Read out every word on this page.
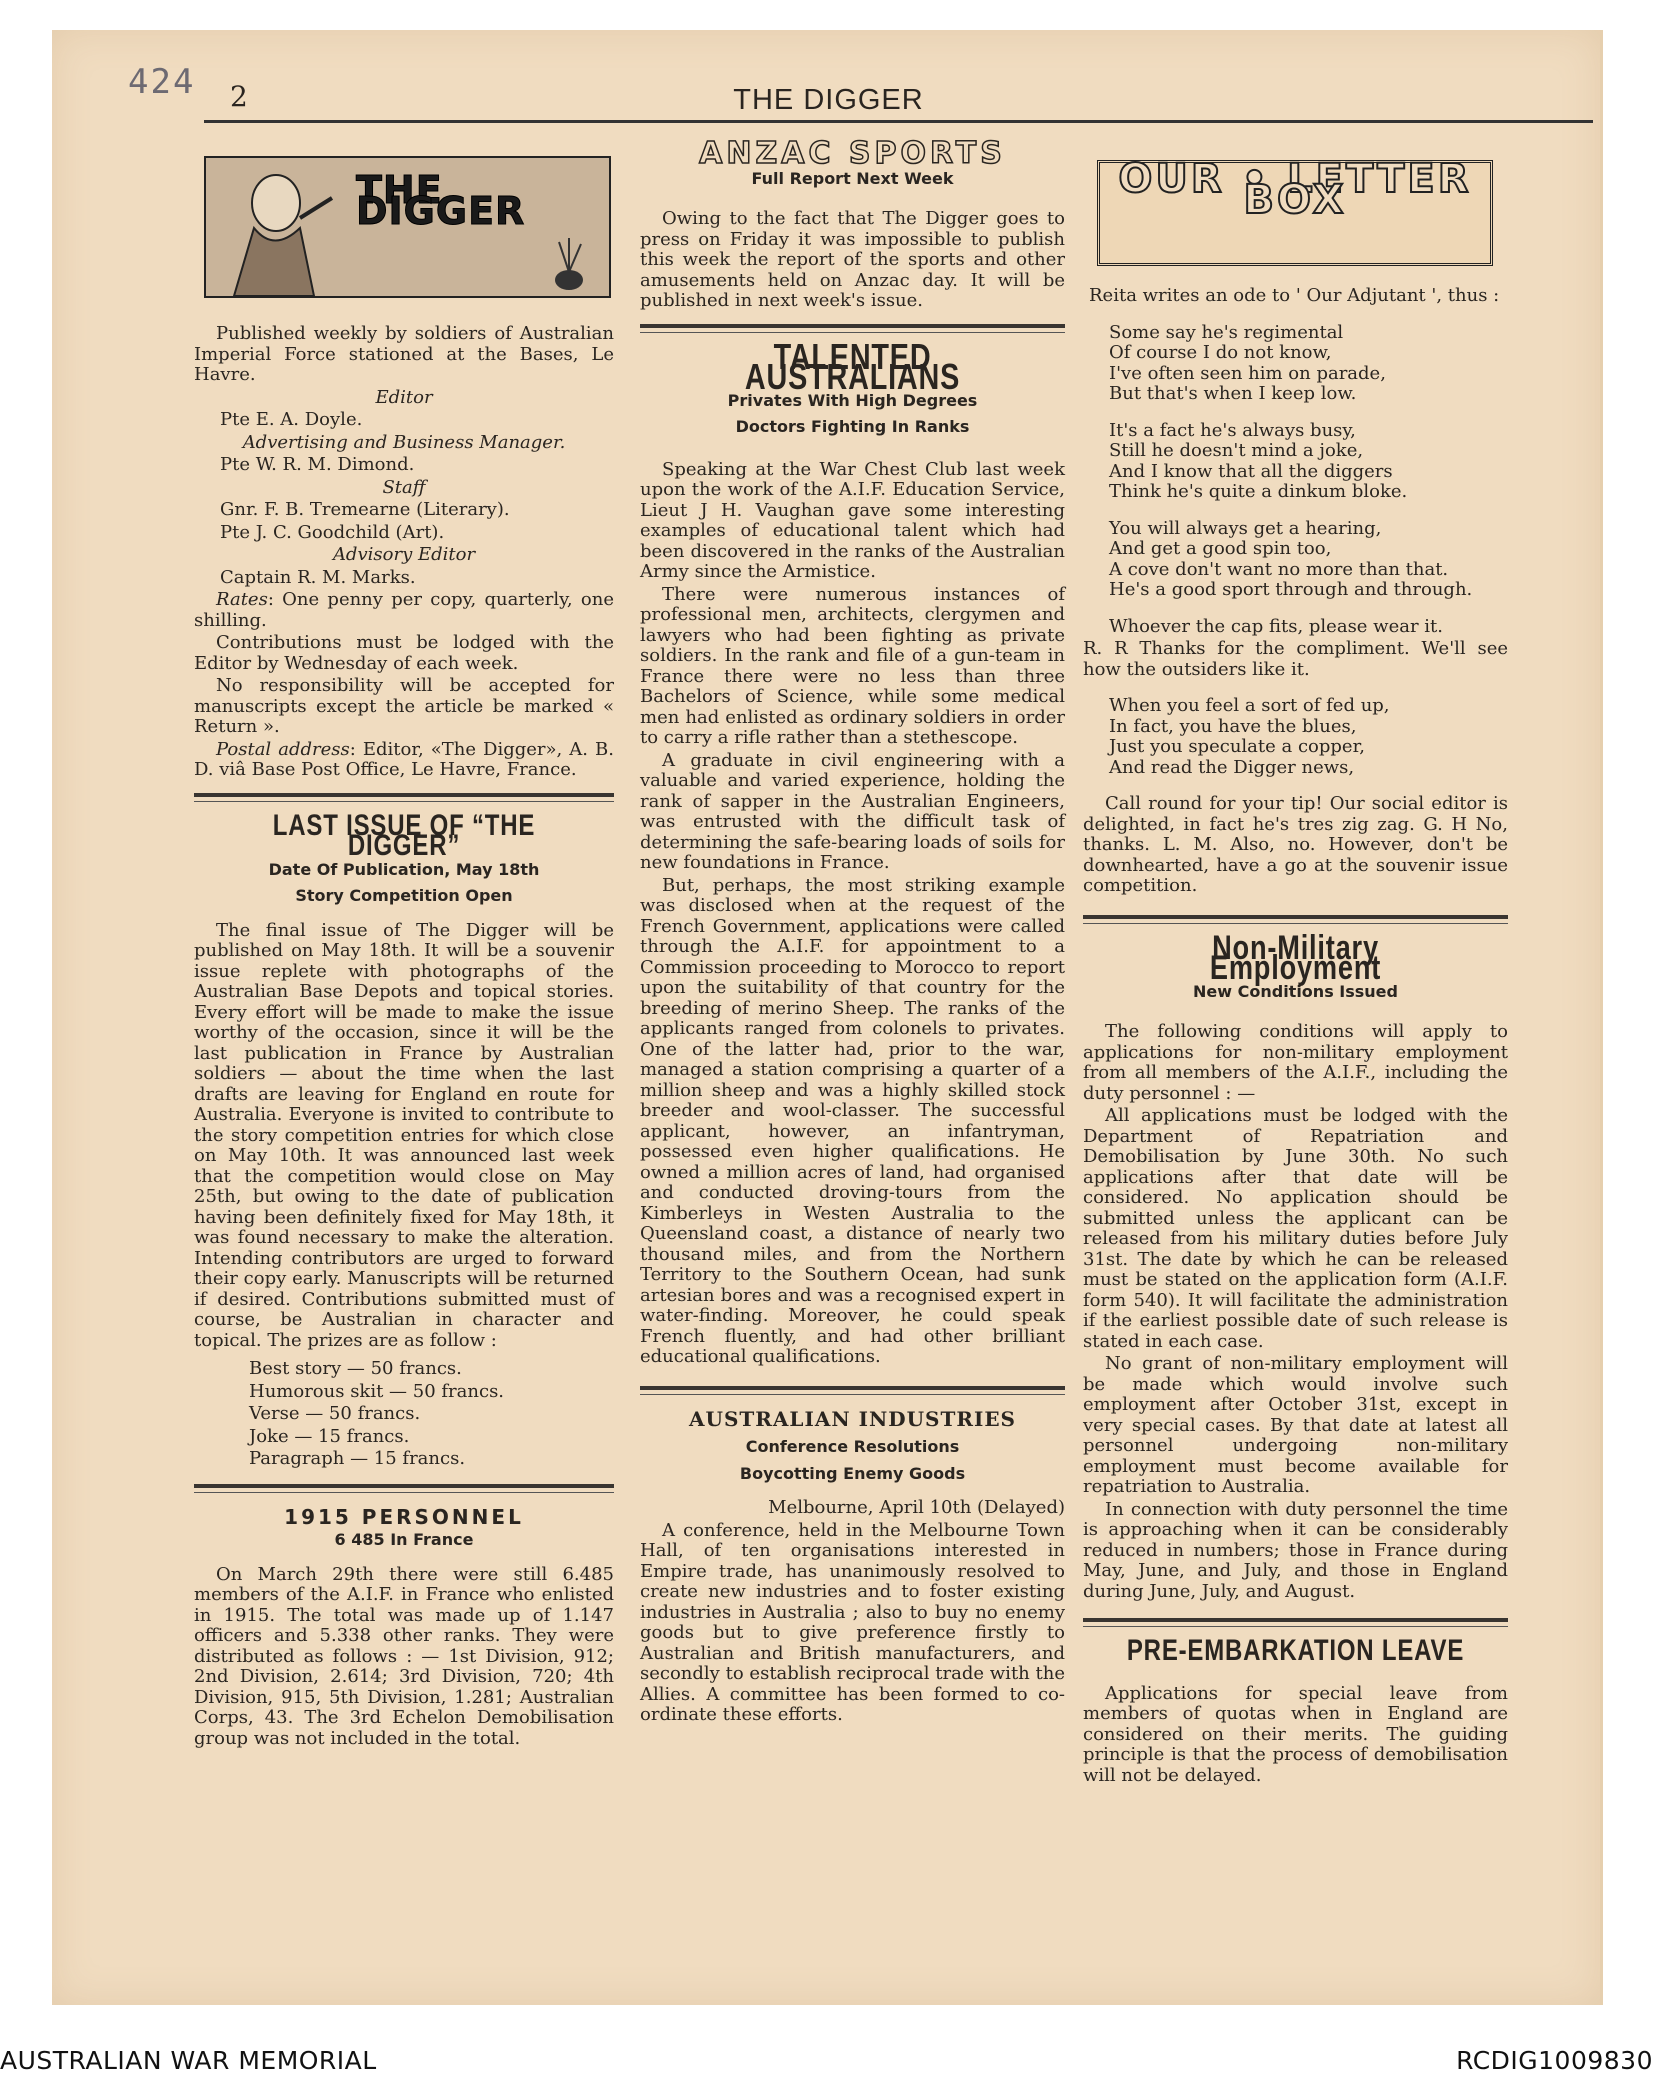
AUSTRALIAN WAR MEMORIAL	RCDIG1009830
424 2	THE DIGGER
THE DIGGER

Published weekly by soldiers of Australian Imperial Force stationed at the Bases, Le Havre.

Editor

Pte E. A. Doyle.

Advertising and Business Manager.

Pte W. R. M. Dimond.

Staff

Gnr. F. B. Tremearne (Literary).

Pte J. C. Goodchild (Art).

Advisory Editor

Captain R. M. Marks.

Rates: One penny per copy, quarterly, one shilling.

Contributions must be lodged with the Editor by Wednesday of each week.

No responsibility will be accepted for manuscripts except the article be marked « Return ».

Postal address: Editor, «The Digger», A. B. D. viâ Base Post Office, Le Havre, France.

LAST ISSUE OF “THE DIGGER”
Date Of Publication, May 18th
Story Competition Open

The final issue of The Digger will be published on May 18th. It will be a souvenir issue replete with photographs of the Australian Base Depots and topical stories. Every effort will be made to make the issue worthy of the occasion, since it will be the last publication in France by Australian soldiers — about the time when the last drafts are leaving for England en route for Australia. Everyone is invited to contribute to the story competition entries for which close on May 10th. It was announced last week that the competition would close on May 25th, but owing to the date of publication having been definitely fixed for May 18th, it was found necessary to make the alteration. Intending contributors are urged to forward their copy early. Manuscripts will be returned if desired. Contributions submitted must of course, be Australian in character and topical. The prizes are as follow :

Best story — 50 francs.

Humorous skit — 50 francs.

Verse — 50 francs.

Joke — 15 francs.

Paragraph — 15 francs.

1915 PERSONNEL
6 485 In France

On March 29th there were still 6.485 members of the A.I.F. in France who enlisted in 1915. The total was made up of 1.147 officers and 5.338 other ranks. They were distributed as follows : — 1st Division, 912; 2nd Division, 2.614; 3rd Division, 720; 4th Division, 915, 5th Division, 1.281; Australian Corps, 43. The 3rd Echelon Demobilisation group was not included in the total.

ANZAC SPORTS
Full Report Next Week

Owing to the fact that The Digger goes to press on Friday it was impossible to publish this week the report of the sports and other amusements held on Anzac day. It will be published in next week's issue.

TALENTED AUSTRALIANS
Privates With High Degrees
Doctors Fighting In Ranks

Speaking at the War Chest Club last week upon the work of the A.I.F. Education Service, Lieut J H. Vaughan gave some interesting examples of educational talent which had been discovered in the ranks of the Australian Army since the Armistice.

There were numerous instances of professional men, architects, clergymen and lawyers who had been fighting as private soldiers. In the rank and file of a gun-team in France there were no less than three Bachelors of Science, while some medical men had enlisted as ordinary soldiers in order to carry a rifle rather than a stethescope.

A graduate in civil engineering with a valuable and varied experience, holding the rank of sapper in the Australian Engineers, was entrusted with the difficult task of determining the safe-bearing loads of soils for new foundations in France.

But, perhaps, the most striking example was disclosed when at the request of the French Government, applications were called through the A.I.F. for appointment to a Commission proceeding to Morocco to report upon the suitability of that country for the breeding of merino Sheep. The ranks of the applicants ranged from colonels to privates. One of the latter had, prior to the war, managed a station comprising a quarter of a million sheep and was a highly skilled stock breeder and wool-classer. The successful applicant, however, an infantryman, possessed even higher qualifications. He owned a million acres of land, had organised and conducted droving-tours from the Kimberleys in Westen Australia to the Queensland coast, a distance of nearly two thousand miles, and from the Northern Territory to the Southern Ocean, had sunk artesian bores and was a recognised expert in water-finding. Moreover, he could speak French fluently, and had other brilliant educational qualifications.

AUSTRALIAN INDUSTRIES
Conference Resolutions
Boycotting Enemy Goods

Melbourne, April 10th (Delayed)

A conference, held in the Melbourne Town Hall, of ten organisations interested in Empire trade, has unanimously resolved to create new industries and to foster existing industries in Australia ; also to buy no enemy goods but to give preference firstly to Australian and British manufacturers, and secondly to establish reciprocal trade with the Allies. A committee has been formed to co-ordinate these efforts.

OUR • LETTER BOX

Reita writes an ode to ' Our Adjutant ', thus :

Some say he's regimental

Of course I do not know,

I've often seen him on parade,

But that's when I keep low.

It's a fact he's always busy,

Still he doesn't mind a joke,

And I know that all the diggers

Think he's quite a dinkum bloke.

You will always get a hearing,

And get a good spin too,

A cove don't want no more than that.

He's a good sport through and through.

Whoever the cap fits, please wear it.

R. R Thanks for the compliment. We'll see how the outsiders like it.

When you feel a sort of fed up,

In fact, you have the blues,

Just you speculate a copper,

And read the Digger news,

Call round for your tip! Our social editor is delighted, in fact he's tres zig zag. G. H No, thanks. L. M. Also, no. However, don't be downhearted, have a go at the souvenir issue competition.

Non-Military Employment
New Conditions Issued

The following conditions will apply to applications for non-military employment from all members of the A.I.F., including the duty personnel : —

All applications must be lodged with the Department of Repatriation and Demobilisation by June 30th. No such applications after that date will be considered. No application should be submitted unless the applicant can be released from his military duties before July 31st. The date by which he can be released must be stated on the application form (A.I.F. form 540). It will facilitate the administration if the earliest possible date of such release is stated in each case.

No grant of non-military employment will be made which would involve such employment after October 31st, except in very special cases. By that date at latest all personnel undergoing non-military employment must become available for repatriation to Australia.

In connection with duty personnel the time is approaching when it can be considerably reduced in numbers; those in France during May, June, and July, and those in England during June, July, and August.

PRE-EMBARKATION LEAVE

Applications for special leave from members of quotas when in England are considered on their merits. The guiding principle is that the process of demobilisation will not be delayed.
